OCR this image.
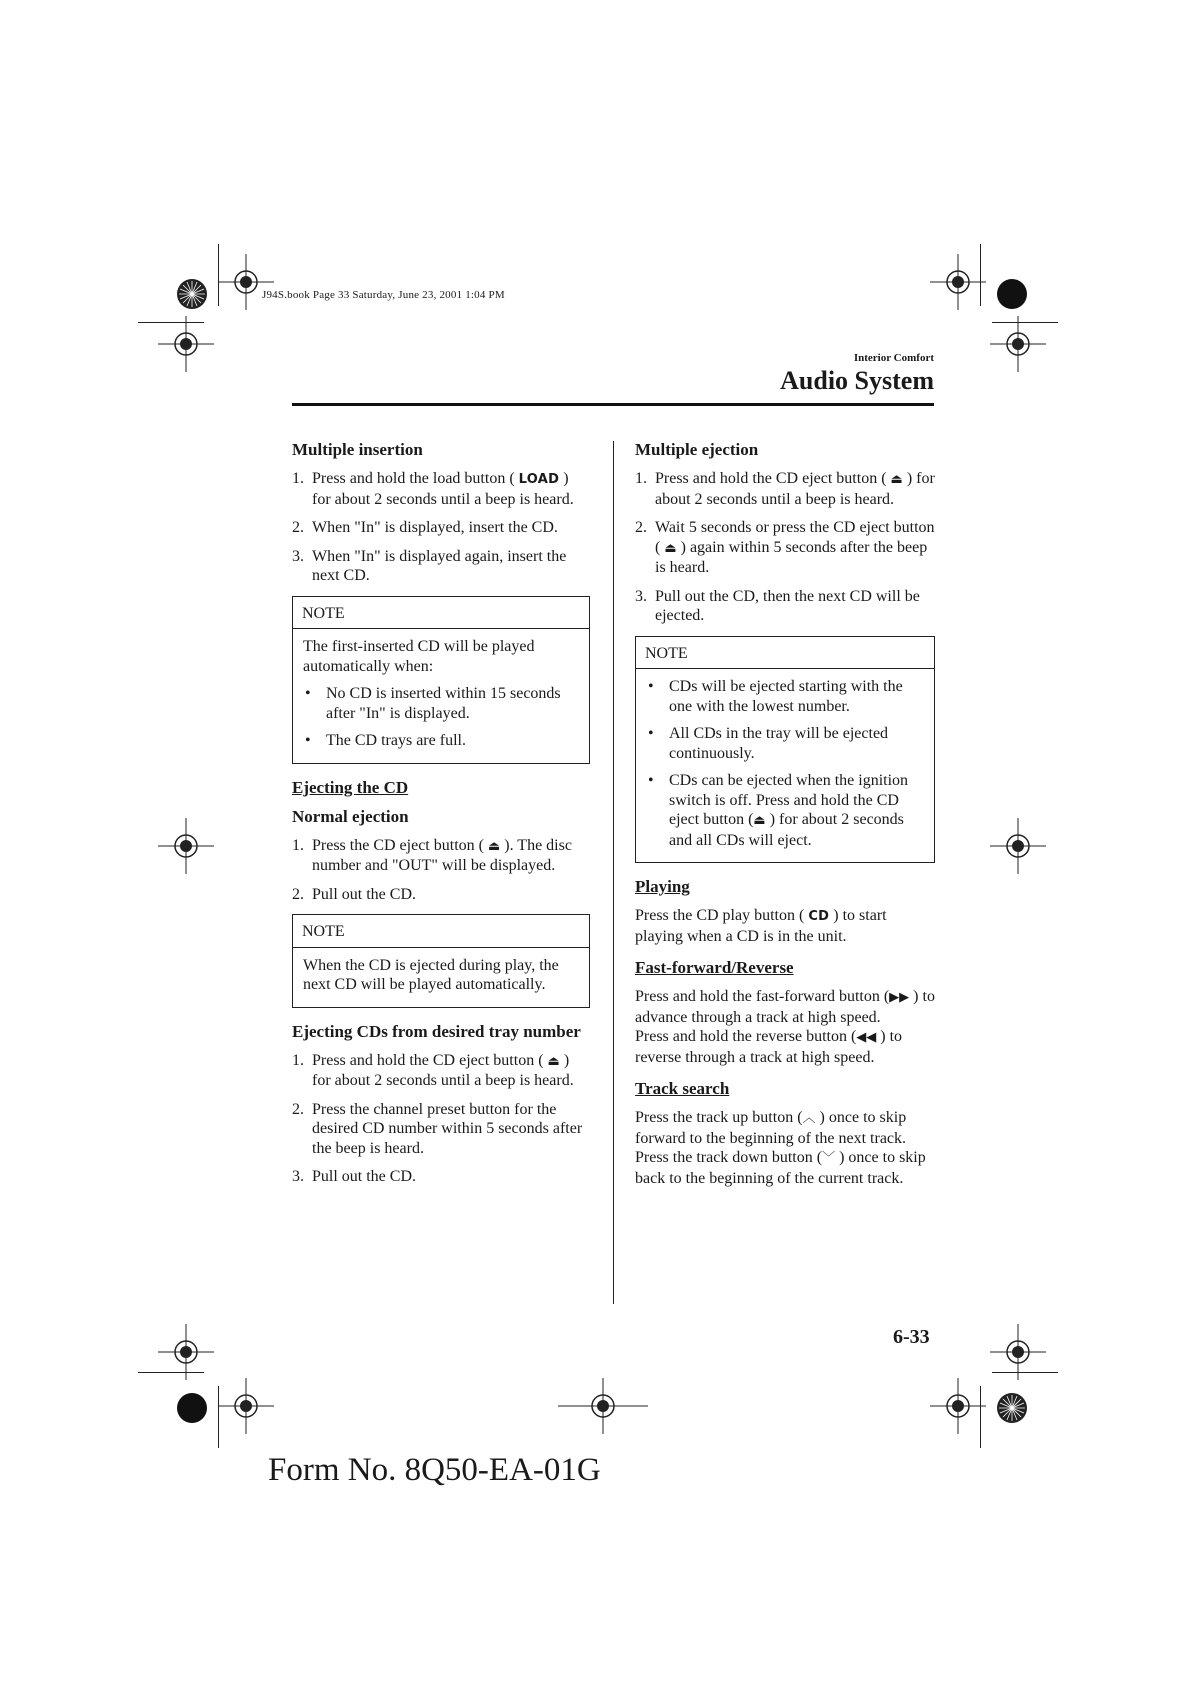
J94S.book Page 33 Saturday, June 23, 2001 1:04 PM
Interior Comfort
Audio System
Multiple insertion
1. Press and hold the load button ( LOAD ) for about 2 seconds until a beep is heard.
2. When "In" is displayed, insert the CD.
3. When "In" is displayed again, insert the next CD.
NOTE

The first-inserted CD will be played automatically when:

• No CD is inserted within 15 seconds after "In" is displayed.
• The CD trays are full.
Ejecting the CD
Normal ejection
1. Press the CD eject button ( ⏏ ). The disc number and "OUT" will be displayed.
2. Pull out the CD.
NOTE

When the CD is ejected during play, the next CD will be played automatically.

Ejecting CDs from desired tray number
1. Press and hold the CD eject button ( ⏏ ) for about 2 seconds until a beep is heard.
2. Press the channel preset button for the desired CD number within 5 seconds after the beep is heard.
3. Pull out the CD.
Multiple ejection
1. Press and hold the CD eject button ( ⏏ ) for about 2 seconds until a beep is heard.
2. Wait 5 seconds or press the CD eject button ( ⏏ ) again within 5 seconds after the beep is heard.
3. Pull out the CD, then the next CD will be ejected.
NOTE
• CDs will be ejected starting with the one with the lowest number.
• All CDs in the tray will be ejected continuously.
• CDs can be ejected when the ignition switch is off. Press and hold the CD eject button (⏏ ) for about 2 seconds and all CDs will eject.
Playing

Press the CD play button ( CD ) to start playing when a CD is in the unit.

Fast-forward/Reverse

Press and hold the fast-forward button (▶▶ ) to advance through a track at high speed.

Press and hold the reverse button (◀◀ ) to reverse through a track at high speed.

Track search

Press the track up button (︿ ) once to skip forward to the beginning of the next track.

Press the track down button (﹀ ) once to skip back to the beginning of the current track.

6-33
Form No. 8Q50-EA-01G
